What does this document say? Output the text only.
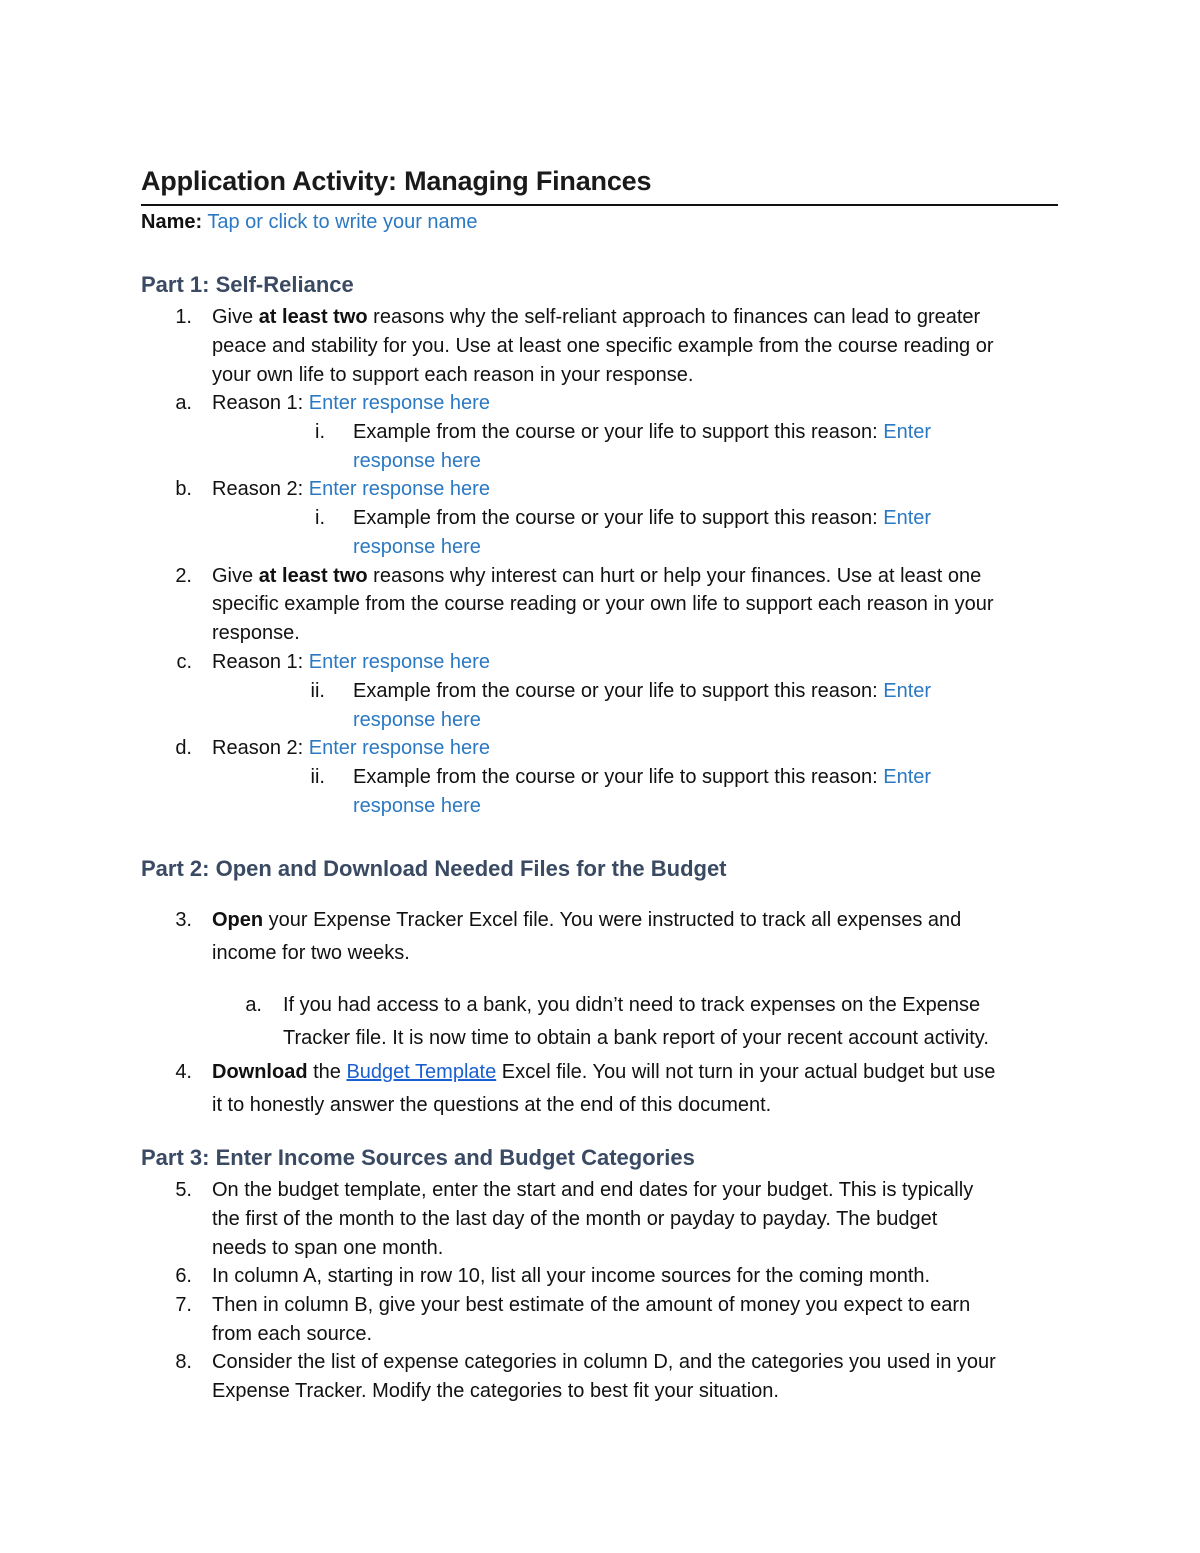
Application Activity: Managing Finances
Name: Tap or click to write your name
Part 1: Self-Reliance
1. Give at least two reasons why the self-reliant approach to finances can lead to greater
peace and stability for you. Use at least one specific example from the course reading or
your own life to support each reason in your response.
a. Reason 1: Enter response here
i. Example from the course or your life to support this reason: Enter
response here
b. Reason 2: Enter response here
i. Example from the course or your life to support this reason: Enter
response here
2. Give at least two reasons why interest can hurt or help your finances. Use at least one
specific example from the course reading or your own life to support each reason in your
response.
c. Reason 1: Enter response here
ii. Example from the course or your life to support this reason: Enter
response here
d. Reason 2: Enter response here
ii. Example from the course or your life to support this reason: Enter
response here
Part 2: Open and Download Needed Files for the Budget
3. Open your Expense Tracker Excel file. You were instructed to track all expenses and
income for two weeks.
a. If you had access to a bank, you didn’t need to track expenses on the Expense
Tracker file. It is now time to obtain a bank report of your recent account activity.
4. Download the Budget Template Excel file. You will not turn in your actual budget but use
it to honestly answer the questions at the end of this document.
Part 3: Enter Income Sources and Budget Categories
5. On the budget template, enter the start and end dates for your budget. This is typically
the first of the month to the last day of the month or payday to payday. The budget
needs to span one month.
6. In column A, starting in row 10, list all your income sources for the coming month.
7. Then in column B, give your best estimate of the amount of money you expect to earn
from each source.
8. Consider the list of expense categories in column D, and the categories you used in your
Expense Tracker. Modify the categories to best fit your situation.
